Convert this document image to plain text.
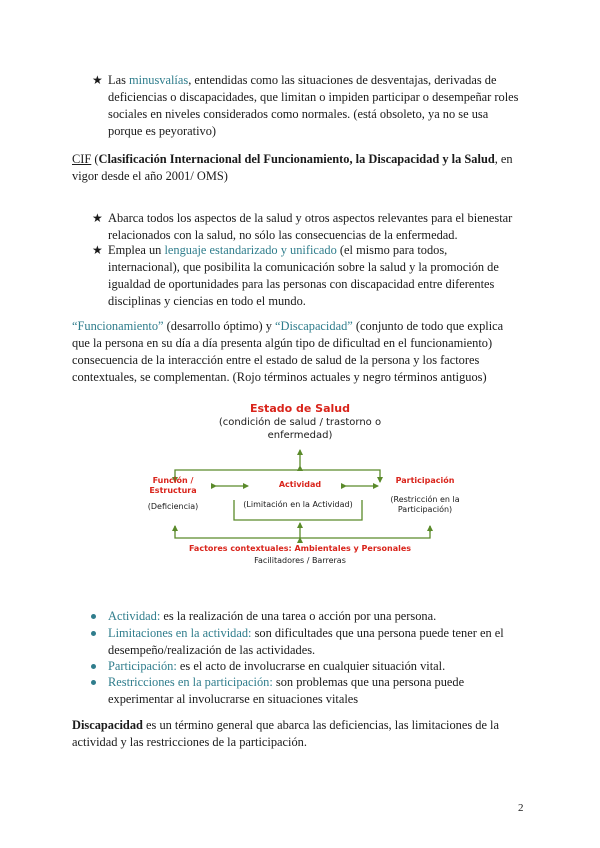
★ Las minusvalías, entendidas como las situaciones de desventajas, derivadas de deficiencias o discapacidades, que limitan o impiden participar o desempeñar roles sociales en niveles considerados como normales. (está obsoleto, ya no se usa porque es peyorativo)

CIF (Clasificación Internacional del Funcionamiento, la Discapacidad y la Salud, en vigor desde el año 2001/ OMS)

★ Abarca todos los aspectos de la salud y otros aspectos relevantes para el bienestar relacionados con la salud, no sólo las consecuencias de la enfermedad.
★ Emplea un lenguaje estandarizado y unificado (el mismo para todos, internacional), que posibilita la comunicación sobre la salud y la promoción de igualdad de oportunidades para las personas con discapacidad entre diferentes disciplinas y ciencias en todo el mundo.

“Funcionamiento” (desarrollo óptimo) y “Discapacidad” (conjunto de todo que explica que la persona en su día a día presenta algún tipo de dificultad en el funcionamiento) consecuencia de la interacción entre el estado de salud de la persona y los factores contextuales, se complementan. (Rojo términos actuales y negro términos antiguos)

Estado de Salud
(condición de salud / trastorno o
enfermedad)
Función /
Estructura
(Deficiencia)
Actividad
(Limitación en la Actividad)
Participación
(Restricción en la
Participación)
Factores contextuales: Ambientales y Personales
Facilitadores / Barreras
Actividad: es la realización de una tarea o acción por una persona.
Limitaciones en la actividad: son dificultades que una persona puede tener en el desempeño/realización de las actividades.
Participación: es el acto de involucrarse en cualquier situación vital.
Restricciones en la participación: son problemas que una persona puede experimentar al involucrarse en situaciones vitales

Discapacidad es un término general que abarca las deficiencias, las limitaciones de la actividad y las restricciones de la participación.

2
